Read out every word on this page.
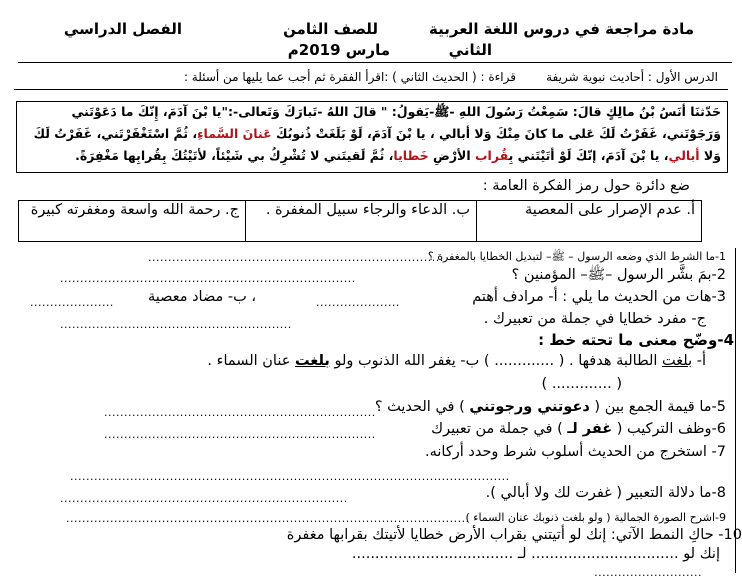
مادة مراجعة في دروس اللغة العربية
للصف الثامن
الفصل الدراسي
الثاني
مارس 2019م
الدرس الأول : أحاديث نبوية شريفة
قراءة : ( الحديث الثاني ) :اقرأ الفقرة ثم أجب عما يليها من أسئلة :
حَدّثنَا أنَسُ بْنُ مالِكٍ قالَ: سَمِعْتُ رَسُولَ اللهِ -ﷺ-يَقولُ: " قالَ اللهُ -تَبارَكَ وَتَعالى-:"يا بْنَ آدَمَ، إِنّكَ ما دَعَوْتَني
وَرَجَوْتَني، غَفَرْتُ لَكَ عَلى ما كانَ مِنْكَ وَلا أبالي ، يا بْنَ آدَمَ، لَوْ بَلَغَتْ ذُنوبُكَ عَنانَ السَّماءِ، ثُمَّ اسْتَغْفَرْتَني، غَفَرْتُ لَكَ
وَلا أبالي، يا بْنَ آدَمَ، إنّكَ لَوْ أتَيْتَني بِقُراب الأرْضِ خَطايا، ثُمَّ لَقيتَني لا تُشْرِكُ بي شَيْئاً، لأتَيْتُكَ بِقُرابِها مَغْفِرَةً.
ضع دائرة حول رمز الفكرة العامة :
أ. عدم الإصرار على المعصية	ب. الدعاء والرجاء سبيل المغفرة .	ج. رحمة الله واسعة ومغفرته كبيرة
1-ما الشرط الذي وضعه الرسول – ﷺ– لتبديل الخطايا بالمغفرة ؟
..........................................................................
2-بمَ بشَّر الرسول –ﷺ– المؤمنين ؟
..........................................................................
3-هات من الحديث ما يلي : أ- مرادف أهتم
.....................
، ب- مضاد معصية
.....................
ج- مفرد خطايا في جملة من تعبيرك .
..........................................................
4-وضّح معنى ما تحته خط :
أ- بلغت الطالبة هدفها . ( ............. ) ب- يغفر الله الذنوب ولو بلغت عنان السماء .
( ............. )
5-ما قيمة الجمع بين ( دعوتني ورجوتني ) في الحديث ؟
....................................................................
6-وظف التركيب ( غفر لـ ) في جملة من تعبيرك
....................................................................
7- استخرج من الحديث أسلوب شرط وحدد أركانه.
..............................................................................................................
8-ما دلالة التعبير ( غفرت لك ولا أبالي ).
........................................................................
9-اشرح الصورة الجمالية ( ولو بلغت ذنوبك عنان السماء )
.....................................................................................................
10- حاكِ النمط الآتي: إنك لو أتيتني بقراب الأرض خطايا لأتيتك بقرابها مغفرة
إنك لو ................................ لـ ...................................
...........................
